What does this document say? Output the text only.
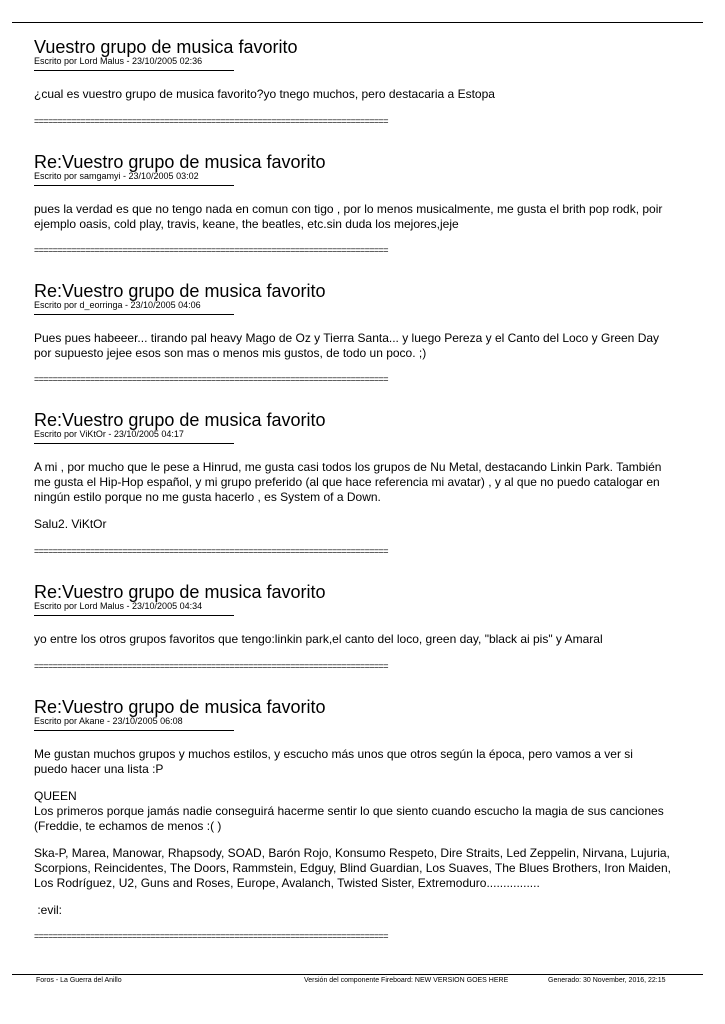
Vuestro grupo de musica favorito
Escrito por Lord Malus - 23/10/2005 02:36
¿cual es vuestro grupo de musica favorito?yo tnego muchos, pero destacaria a Estopa
============================================================================
Re:Vuestro grupo de musica favorito
Escrito por samgamyi - 23/10/2005 03:02
pues la verdad es que no tengo nada en comun con tigo , por lo menos musicalmente, me gusta el brith pop rodk, poir
ejemplo oasis, cold play, travis, keane, the beatles, etc.sin duda los mejores,jeje
============================================================================
Re:Vuestro grupo de musica favorito
Escrito por d_eorringa - 23/10/2005 04:06
Pues pues habeeer... tirando pal heavy Mago de Oz y Tierra Santa... y luego Pereza y el Canto del Loco y Green Day
por supuesto jejee esos son mas o menos mis gustos, de todo un poco. ;)
============================================================================
Re:Vuestro grupo de musica favorito
Escrito por ViKtOr - 23/10/2005 04:17
A mi , por mucho que le pese a Hinrud, me gusta casi todos los grupos de Nu Metal, destacando Linkin Park. También
me gusta el Hip-Hop español, y mi grupo preferido (al que hace referencia mi avatar) , y al que no puedo catalogar en
ningún estilo porque no me gusta hacerlo , es System of a Down.
Salu2. ViKtOr
============================================================================
Re:Vuestro grupo de musica favorito
Escrito por Lord Malus - 23/10/2005 04:34
yo entre los otros grupos favoritos que tengo:linkin park,el canto del loco, green day, "black ai pis" y Amaral
============================================================================
Re:Vuestro grupo de musica favorito
Escrito por Akane - 23/10/2005 06:08
Me gustan muchos grupos y muchos estilos, y escucho más unos que otros según la época, pero vamos a ver si
puedo hacer una lista :P
QUEEN
Los primeros porque jamás nadie conseguirá hacerme sentir lo que siento cuando escucho la magia de sus canciones
(Freddie, te echamos de menos :( )
Ska-P, Marea, Manowar, Rhapsody, SOAD, Barón Rojo, Konsumo Respeto, Dire Straits, Led Zeppelin, Nirvana, Lujuria,
Scorpions, Reincidentes, The Doors, Rammstein, Edguy, Blind Guardian, Los Suaves, The Blues Brothers, Iron Maiden,
Los Rodríguez, U2, Guns and Roses, Europe, Avalanch, Twisted Sister, Extremoduro................
:evil:
============================================================================
Foros - La Guerra del Anillo	Versión del componente Fireboard: NEW VERSION GOES HERE	Generado: 30 November, 2016, 22:15
